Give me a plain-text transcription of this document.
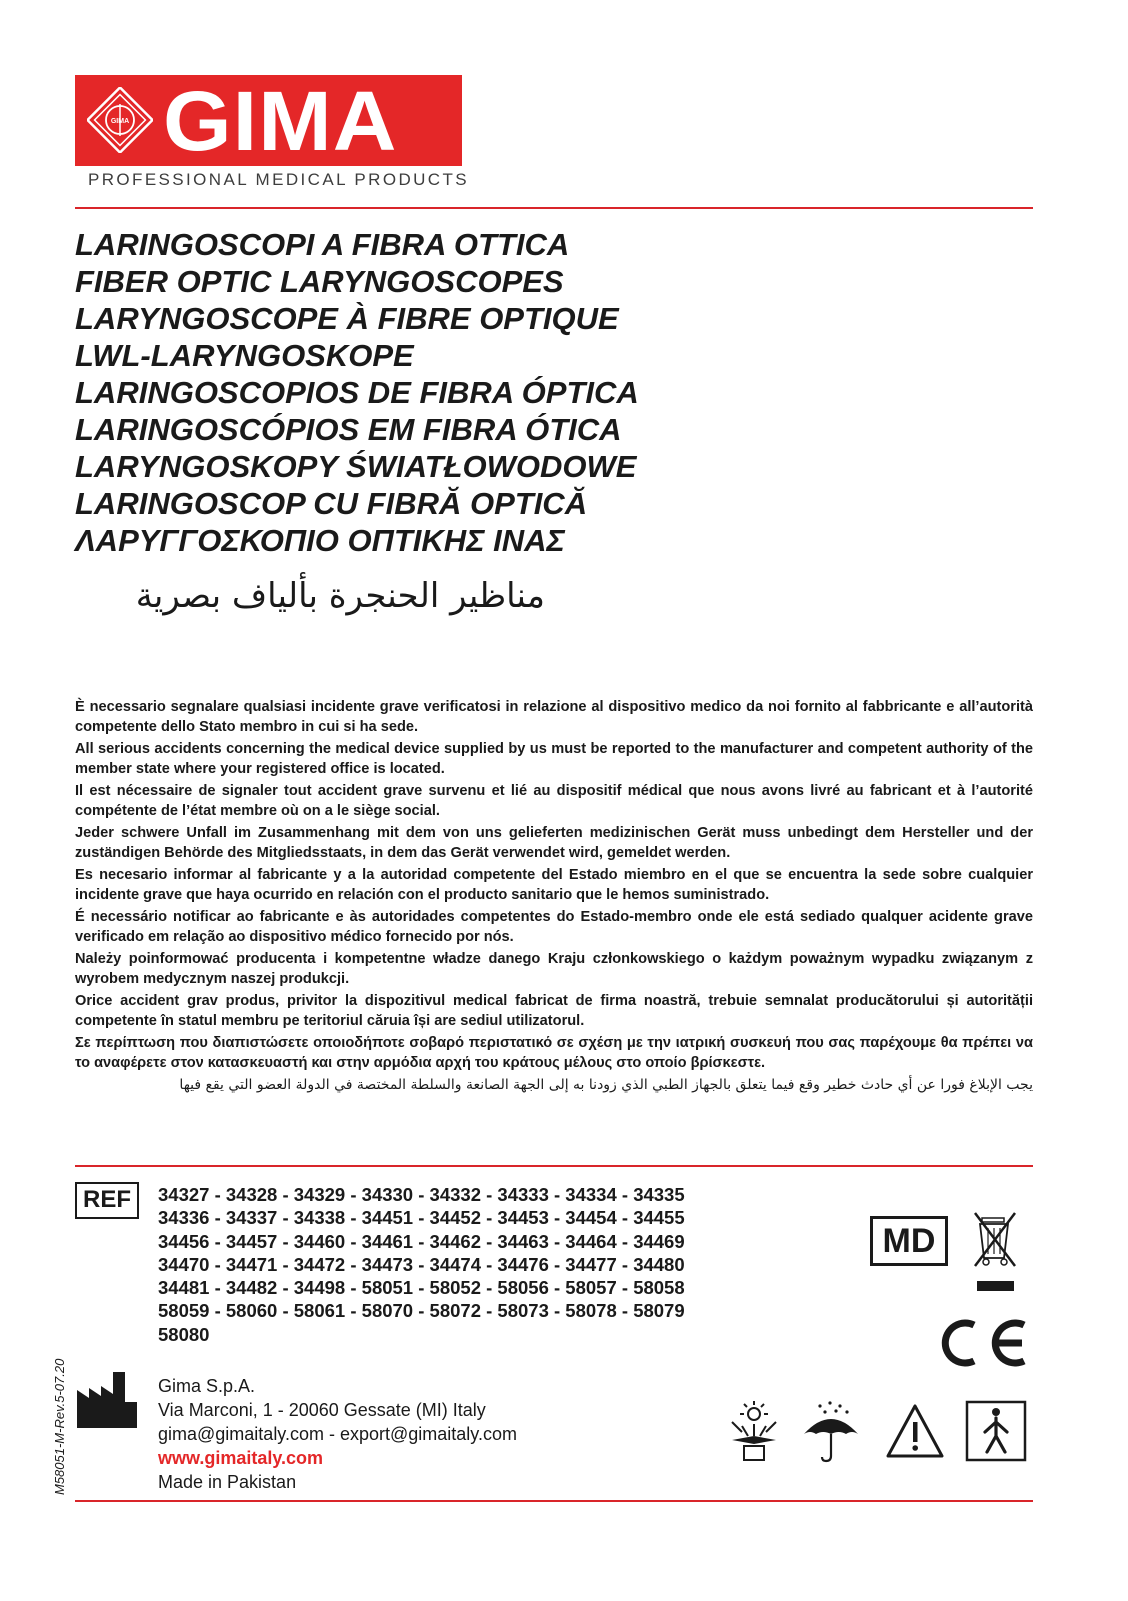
GIMA GIMA
PROFESSIONAL MEDICAL PRODUCTS
LARINGOSCOPI A FIBRA OTTICA
FIBER OPTIC LARYNGOSCOPES
LARYNGOSCOPE À FIBRE OPTIQUE
LWL-LARYNGOSKOPE
LARINGOSCOPIOS DE FIBRA ÓPTICA
LARINGOSCÓPIOS EM FIBRA ÓTICA
LARYNGOSKOPY ŚWIATŁOWODOWE
LARINGOSCOP CU FIBRĂ OPTICĂ
ΛΑΡΥΓΓΟΣΚΟΠΙΟ ΟΠΤΙΚΗΣ ΙΝΑΣ
مناظير الحنجرة بألياف بصرية

È necessario segnalare qualsiasi incidente grave verificatosi in relazione al dispositivo medico da noi fornito al fabbricante e all’autorità competente dello Stato membro in cui si ha sede.

All serious accidents concerning the medical device supplied by us must be reported to the manufacturer and competent authority of the member state where your registered office is located.

Il est nécessaire de signaler tout accident grave survenu et lié au dispositif médical que nous avons livré au fabricant et à l’autorité compétente de l’état membre où on a le siège social.

Jeder schwere Unfall im Zusammenhang mit dem von uns gelieferten medizinischen Gerät muss unbedingt dem Hersteller und der zuständigen Behörde des Mitgliedsstaats, in dem das Gerät verwendet wird, gemeldet werden.

Es necesario informar al fabricante y a la autoridad competente del Estado miembro en el que se encuentra la sede sobre cualquier incidente grave que haya ocurrido en relación con el producto sanitario que le hemos suministrado.

É necessário notificar ao fabricante e às autoridades competentes do Estado-membro onde ele está sediado qualquer acidente grave verificado em relação ao dispositivo médico fornecido por nós.

Należy poinformować producenta i kompetentne władze danego Kraju członkowskiego o każdym poważnym wypadku związanym z wyrobem medycznym naszej produkcji.

Orice accident grav produs, privitor la dispozitivul medical fabricat de firma noastră, trebuie semnalat producătorului și autorității competente în statul membru pe teritoriul căruia își are sediul utilizatorul.

Σε περίπτωση που διαπιστώσετε οποιοδήποτε σοβαρό περιστατικό σε σχέση με την ιατρική συσκευή που σας παρέχουμε θα πρέπει να το αναφέρετε στον κατασκευαστή και στην αρμόδια αρχή του κράτους μέλους στο οποίο βρίσκεστε.

يجب الإبلاغ فورا عن أي حادث خطير وقع فيما يتعلق بالجهاز الطبي الذي زودنا به إلى الجهة الصانعة والسلطة المختصة في الدولة العضو التي يقع فيها

REF	34327 - 34328 - 34329 - 34330 - 34332 - 34333 - 34334 - 34335
34336 - 34337 - 34338 - 34451 - 34452 - 34453 - 34454 - 34455
34456 - 34457 - 34460 - 34461 - 34462 - 34463 - 34464 - 34469
34470 - 34471 - 34472 - 34473 - 34474 - 34476 - 34477 - 34480
34481 - 34482 - 34498 - 58051 - 58052 - 58056 - 58057 - 58058
58059 - 58060 - 58061 - 58070 - 58072 - 58073 - 58078 - 58079
58080
M58051-M-Rev.5-07.20	Gima S.p.A.
Via Marconi, 1 - 20060 Gessate (MI) Italy
gima@gimaitaly.com - export@gimaitaly.com
www.gimaitaly.com
Made in Pakistan
MD
